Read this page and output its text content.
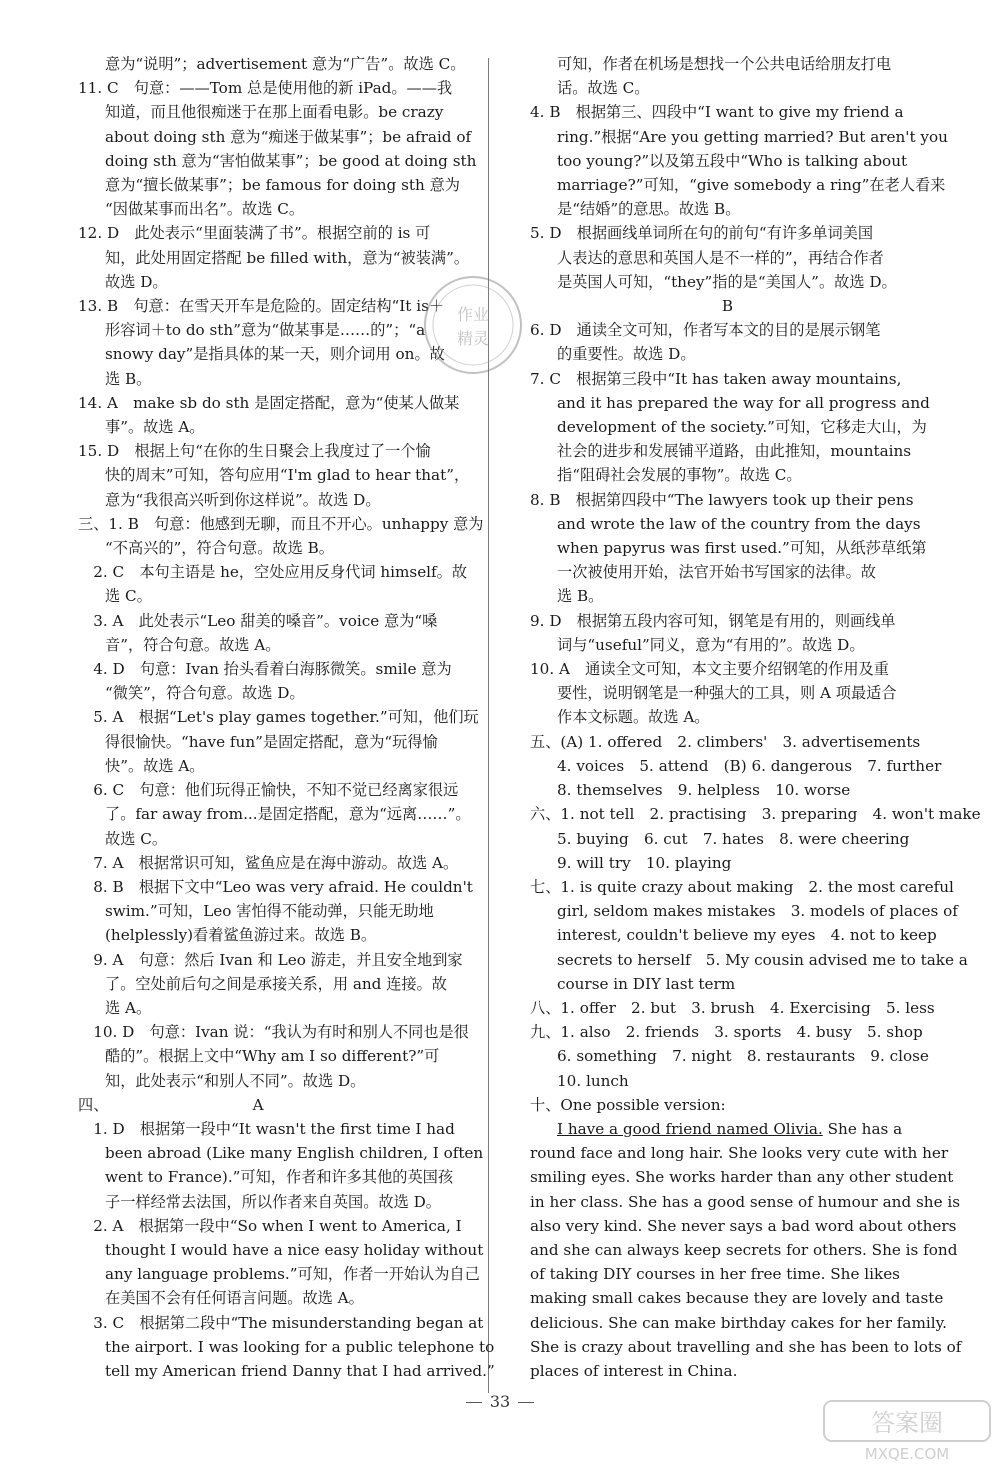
意为“说明”；advertisement 意为“广告”。故选 C。
11. C　句意：——Tom 总是使用他的新 iPad。——我
知道，而且他很痴迷于在那上面看电影。be crazy
about doing sth 意为“痴迷于做某事”；be afraid of
doing sth 意为“害怕做某事”；be good at doing sth
意为“擅长做某事”；be famous for doing sth 意为
“因做某事而出名”。故选 C。
12. D　此处表示“里面装满了书”。根据空前的 is 可
知，此处用固定搭配 be filled with，意为“被装满”。
故选 D。
13. B　句意：在雪天开车是危险的。固定结构“It is＋
形容词＋to do sth”意为“做某事是……的”；“a
snowy day”是指具体的某一天，则介词用 on。故
选 B。
14. A　make sb do sth 是固定搭配，意为“使某人做某
事”。故选 A。
15. D　根据上句“在你的生日聚会上我度过了一个愉
快的周末”可知，答句应用“I'm glad to hear that”，
意为“我很高兴听到你这样说”。故选 D。
三、1. B　句意：他感到无聊，而且不开心。unhappy 意为
“不高兴的”，符合句意。故选 B。
　2. C　本句主语是 he，空处应用反身代词 himself。故
选 C。
　3. A　此处表示“Leo 甜美的嗓音”。voice 意为“嗓
音”，符合句意。故选 A。
　4. D　句意：Ivan 抬头看着白海豚微笑。smile 意为
“微笑”，符合句意。故选 D。
　5. A　根据“Let's play games together.”可知，他们玩
得很愉快。“have fun”是固定搭配，意为“玩得愉
快”。故选 A。
　6. C　句意：他们玩得正愉快，不知不觉已经离家很远
了。far away from...是固定搭配，意为“远离……”。
故选 C。
　7. A　根据常识可知，鲨鱼应是在海中游动。故选 A。
　8. B　根据下文中“Leo was very afraid. He couldn't
swim.”可知，Leo 害怕得不能动弹，只能无助地
(helplessly)看着鲨鱼游过来。故选 B。
　9. A　句意：然后 Ivan 和 Leo 游走，并且安全地到家
了。空处前后句之间是承接关系，用 and 连接。故
选 A。
　10. D　句意：Ivan 说：“我认为有时和别人不同也是很
酷的”。根据上文中“Why am I so different?”可
知，此处表示“和别人不同”。故选 D。
四、　　　　　　　　　　A
　1. D　根据第一段中“It wasn't the first time I had
been abroad (Like many English children, I often
went to France).”可知，作者和许多其他的英国孩
子一样经常去法国，所以作者来自英国。故选 D。
　2. A　根据第一段中“So when I went to America, I
thought I would have a nice easy holiday without
any language problems.”可知，作者一开始认为自己
在美国不会有任何语言问题。故选 A。
　3. C　根据第二段中“The misunderstanding began at
the airport. I was looking for a public telephone to
tell my American friend Danny that I had arrived.”
可知，作者在机场是想找一个公共电话给朋友打电
话。故选 C。
4. B　根据第三、四段中“I want to give my friend a
ring.”根据“Are you getting married? But aren't you
too young?”以及第五段中“Who is talking about
marriage?”可知，“give somebody a ring”在老人看来
是“结婚”的意思。故选 B。
5. D　根据画线单词所在句的前句“有许多单词美国
人表达的意思和英国人是不一样的”，再结合作者
是英国人可知，“they”指的是“美国人”。故选 D。
B
6. D　通读全文可知，作者写本文的目的是展示钢笔
的重要性。故选 D。
7. C　根据第三段中“It has taken away mountains,
and it has prepared the way for all progress and
development of the society.”可知，它移走大山，为
社会的进步和发展铺平道路，由此推知，mountains
指“阻碍社会发展的事物”。故选 C。
8. B　根据第四段中“The lawyers took up their pens
and wrote the law of the country from the days
when papyrus was first used.”可知，从纸莎草纸第
一次被使用开始，法官开始书写国家的法律。故
选 B。
9. D　根据第五段内容可知，钢笔是有用的，则画线单
词与“useful”同义，意为“有用的”。故选 D。
10. A　通读全文可知，本文主要介绍钢笔的作用及重
要性，说明钢笔是一种强大的工具，则 A 项最适合
作本文标题。故选 A。
五、(A) 1. offered　2. climbers'　3. advertisements
4. voices　5. attend　(B) 6. dangerous　7. further
8. themselves　9. helpless　10. worse
六、1. not tell　2. practising　3. preparing　4. won't make
5. buying　6. cut　7. hates　8. were cheering
9. will try　10. playing
七、1. is quite crazy about making　2. the most careful
girl, seldom makes mistakes　3. models of places of
interest, couldn't believe my eyes　4. not to keep
secrets to herself　5. My cousin advised me to take a
course in DIY last term
八、1. offer　2. but　3. brush　4. Exercising　5. less
九、1. also　2. friends　3. sports　4. busy　5. shop
6. something　7. night　8. restaurants　9. close
10. lunch
十、One possible version:
I have a good friend named Olivia. She has a
round face and long hair. She looks very cute with her
smiling eyes. She works harder than any other student
in her class. She has a good sense of humour and she is
also very kind. She never says a bad word about others
and she can always keep secrets for others. She is fond
of taking DIY courses in her free time. She likes
making small cakes because they are lovely and taste
delicious. She can make birthday cakes for her family.
She is crazy about travelling and she has been to lots of
places of interest in China.
作业
精灵
答案圈
MXQE.COM
33
